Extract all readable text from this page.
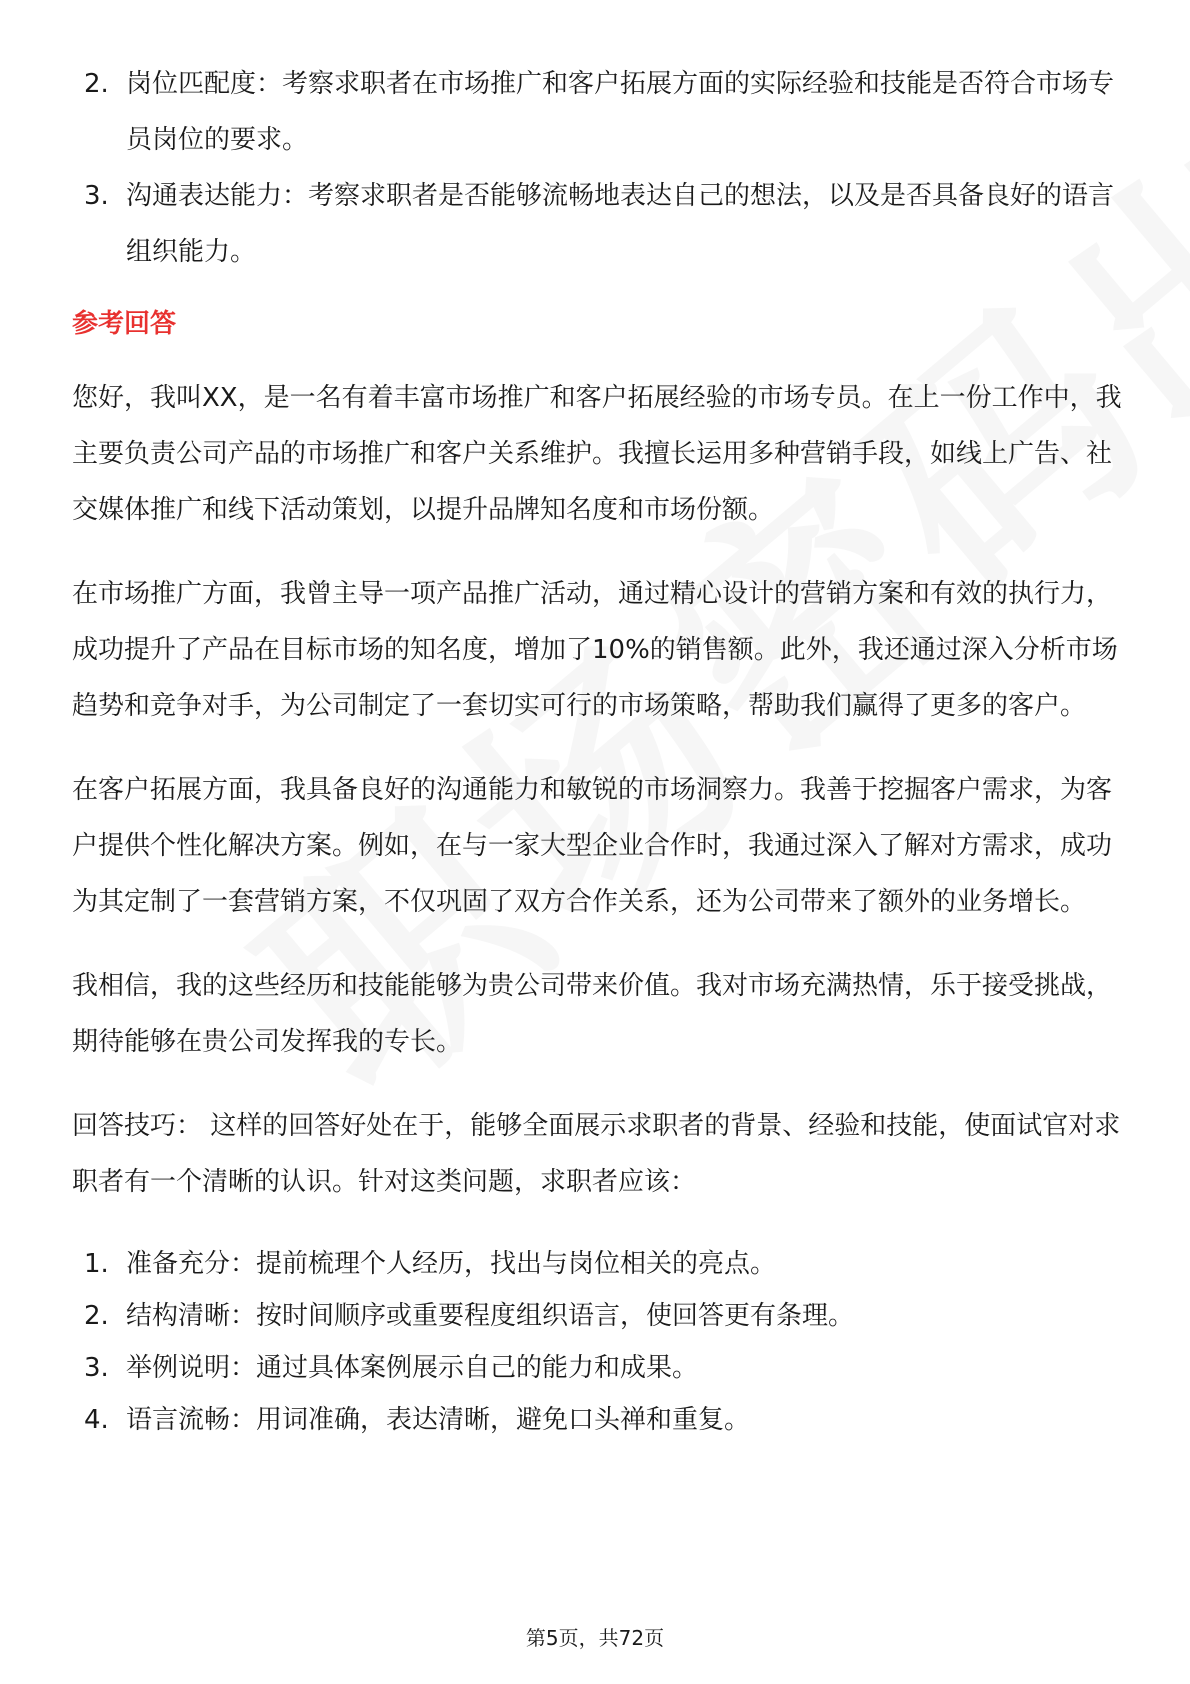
2. 岗位匹配度：考察求职者在市场推广和客户拓展方面的实际经验和技能是否符合市场专员岗位的要求。
3. 沟通表达能力：考察求职者是否能够流畅地表达自己的想法，以及是否具备良好的语言组织能力。
参考回答

您好，我叫XX，是一名有着丰富市场推广和客户拓展经验的市场专员。在上一份工作中，我主要负责公司产品的市场推广和客户关系维护。我擅长运用多种营销手段，如线上广告、社交媒体推广和线下活动策划，以提升品牌知名度和市场份额。

在市场推广方面，我曾主导一项产品推广活动，通过精心设计的营销方案和有效的执行力，成功提升了产品在目标市场的知名度，增加了10%的销售额。此外，我还通过深入分析市场趋势和竞争对手，为公司制定了一套切实可行的市场策略，帮助我们赢得了更多的客户。

在客户拓展方面，我具备良好的沟通能力和敏锐的市场洞察力。我善于挖掘客户需求，为客户提供个性化解决方案。例如，在与一家大型企业合作时，我通过深入了解对方需求，成功为其定制了一套营销方案，不仅巩固了双方合作关系，还为公司带来了额外的业务增长。

我相信，我的这些经历和技能能够为贵公司带来价值。我对市场充满热情，乐于接受挑战，期待能够在贵公司发挥我的专长。

回答技巧： 这样的回答好处在于，能够全面展示求职者的背景、经验和技能，使面试官对求职者有一个清晰的认识。针对这类问题，求职者应该：

1. 准备充分：提前梳理个人经历，找出与岗位相关的亮点。
2. 结构清晰：按时间顺序或重要程度组织语言，使回答更有条理。
3. 举例说明：通过具体案例展示自己的能力和成果。
4. 语言流畅：用词准确，表达清晰，避免口头禅和重复。
第5页，共72页
